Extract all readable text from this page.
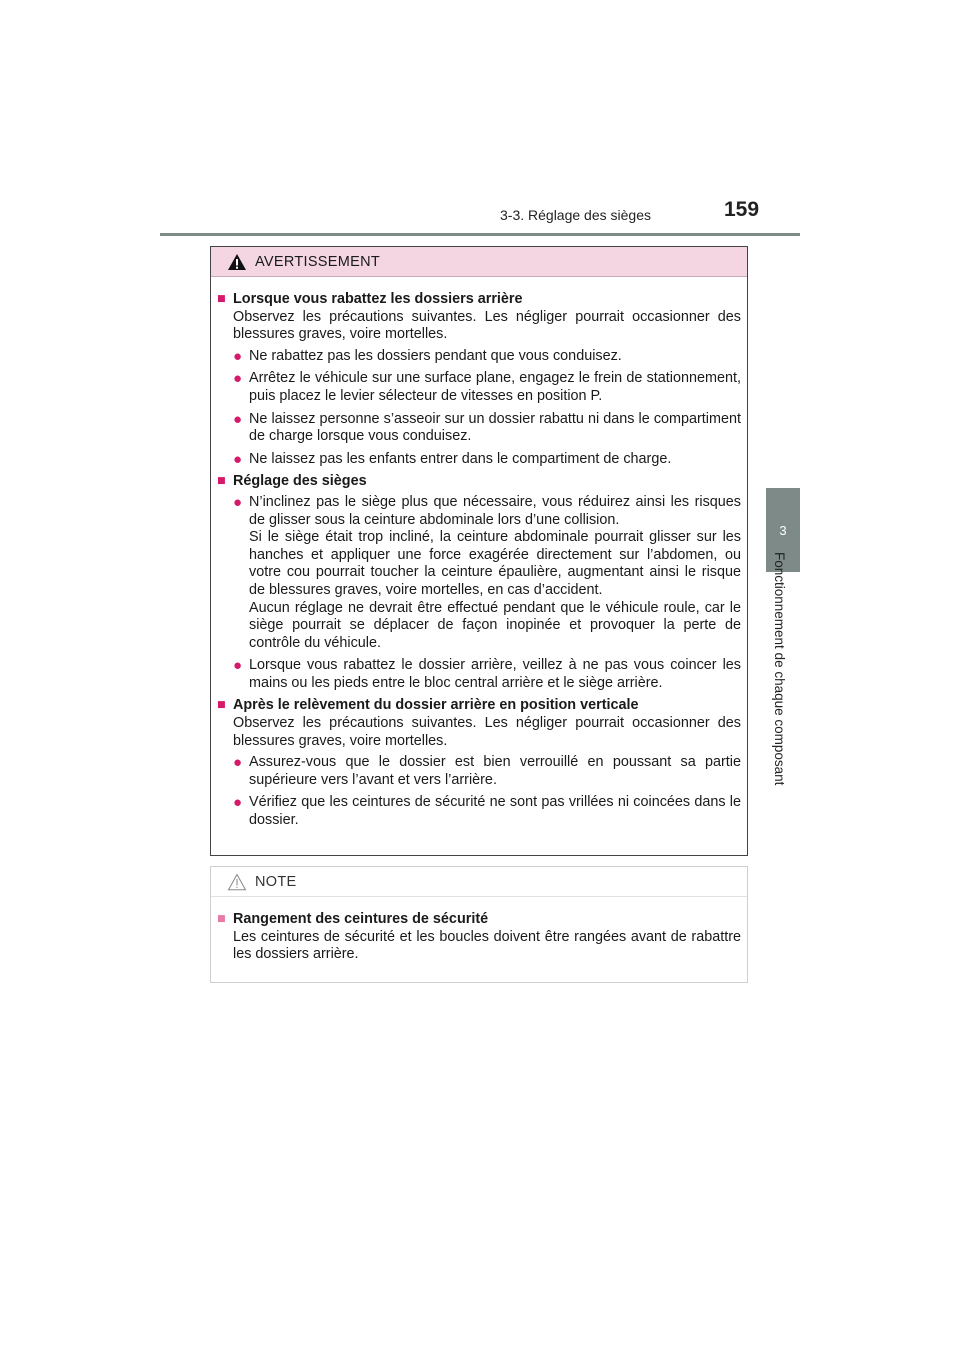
3-3. Réglage des sièges	159
3
Fonctionnement de chaque composant
AVERTISSEMENT
■ Lorsque vous rabattez les dossiers arrière
Observez les précautions suivantes. Les négliger pourrait occasionner des blessures graves, voire mortelles.
● Ne rabattez pas les dossiers pendant que vous conduisez.

● Arrêtez le véhicule sur une surface plane, engagez le frein de stationnement, puis placez le levier sélecteur de vitesses en position P.

● Ne laissez personne s’asseoir sur un dossier rabattu ni dans le compartiment de charge lorsque vous conduisez.

● Ne laissez pas les enfants entrer dans le compartiment de charge.

■ Réglage des sièges
● N’inclinez pas le siège plus que nécessaire, vous réduirez ainsi les risques de glisser sous la ceinture abdominale lors d’une collision.

Si le siège était trop incliné, la ceinture abdominale pourrait glisser sur les hanches et appliquer une force exagérée directement sur l’abdomen, ou votre cou pourrait toucher la ceinture épaulière, augmentant ainsi le risque de blessures graves, voire mortelles, en cas d’accident.

Aucun réglage ne devrait être effectué pendant que le véhicule roule, car le siège pourrait se déplacer de façon inopinée et provoquer la perte de contrôle du véhicule.

● Lorsque vous rabattez le dossier arrière, veillez à ne pas vous coincer les mains ou les pieds entre le bloc central arrière et le siège arrière.

■ Après le relèvement du dossier arrière en position verticale
Observez les précautions suivantes. Les négliger pourrait occasionner des blessures graves, voire mortelles.
● Assurez-vous que le dossier est bien verrouillé en poussant sa partie supérieure vers l’avant et vers l’arrière.

● Vérifiez que les ceintures de sécurité ne sont pas vrillées ni coincées dans le dossier.

NOTE
■ Rangement des ceintures de sécurité
Les ceintures de sécurité et les boucles doivent être rangées avant de rabattre les dossiers arrière.
